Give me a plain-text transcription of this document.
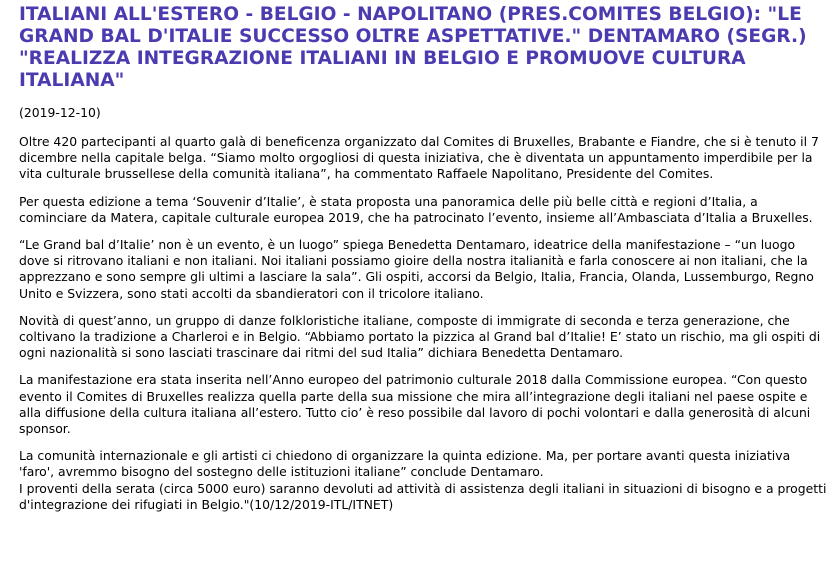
ITALIANI ALL'ESTERO - BELGIO - NAPOLITANO (PRES.COMITES BELGIO): "LE GRAND BAL D'ITALIE SUCCESSO OLTRE ASPETTATIVE." DENTAMARO (SEGR.) "REALIZZA INTEGRAZIONE ITALIANI IN BELGIO E PROMUOVE CULTURA ITALIANA"
(2019-12-10)

Oltre 420 partecipanti al quarto galà di beneficenza organizzato dal Comites di Bruxelles, Brabante e Fiandre, che si è tenuto il 7 dicembre nella capitale belga. “Siamo molto orgogliosi di questa iniziativa, che è diventata un appuntamento imperdibile per la vita culturale brussellese della comunità italiana”, ha commentato Raffaele Napolitano, Presidente del Comites.

Per questa edizione a tema ‘Souvenir d’Italie’, è stata proposta una panoramica delle più belle città e regioni d’Italia, a cominciare da Matera, capitale culturale europea 2019, che ha patrocinato l’evento, insieme all’Ambasciata d’Italia a Bruxelles.

“Le Grand bal d’Italie’ non è un evento, è un luogo” spiega Benedetta Dentamaro, ideatrice della manifestazione – “un luogo dove si ritrovano italiani e non italiani. Noi italiani possiamo gioire della nostra italianità e farla conoscere ai non italiani, che la apprezzano e sono sempre gli ultimi a lasciare la sala”. Gli ospiti, accorsi da Belgio, Italia, Francia, Olanda, Lussemburgo, Regno Unito e Svizzera, sono stati accolti da sbandieratori con il tricolore italiano.

Novità di quest’anno, un gruppo di danze folkloristiche italiane, composte di immigrate di seconda e terza generazione, che coltivano la tradizione a Charleroi e in Belgio. “Abbiamo portato la pizzica al Grand bal d’Italie! E’ stato un rischio, ma gli ospiti di ogni nazionalità si sono lasciati trascinare dai ritmi del sud Italia” dichiara Benedetta Dentamaro.

La manifestazione era stata inserita nell’Anno europeo del patrimonio culturale 2018 dalla Commissione europea. “Con questo evento il Comites di Bruxelles realizza quella parte della sua missione che mira all’integrazione degli italiani nel paese ospite e alla diffusione della cultura italiana all’estero. Tutto cio’ è reso possibile dal lavoro di pochi volontari e dalla generosità di alcuni sponsor.

La comunità internazionale e gli artisti ci chiedono di organizzare la quinta edizione. Ma, per portare avanti questa iniziativa 'faro', avremmo bisogno del sostegno delle istituzioni italiane” conclude Dentamaro.

I proventi della serata (circa 5000 euro) saranno devoluti ad attività di assistenza degli italiani in situazioni di bisogno e a progetti d'integrazione dei rifugiati in Belgio."(10/12/2019-ITL/ITNET)
